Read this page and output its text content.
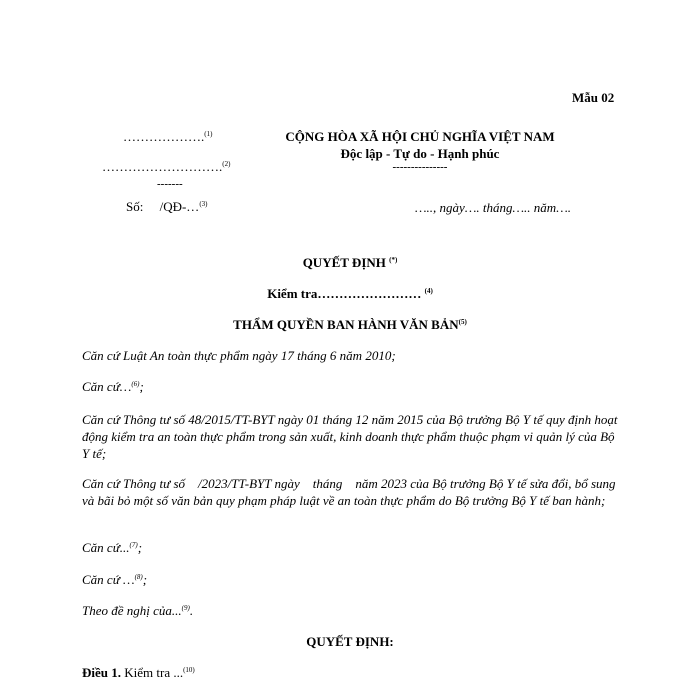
Mẫu 02
……………….$^{(1)}$
……………………….$^{(2)}$
-------
Số: /QĐ-…$^{(3)}$
CỘNG HÒA XÃ HỘI CHỦ NGHĨA VIỆT NAM
Độc lập - Tự do - Hạnh phúc
---------------
….., ngày…. tháng….. năm….
QUYẾT ĐỊNH (*)
Kiểm tra…………………… $^{(4)}$
THẨM QUYỀN BAN HÀNH VĂN BẢN$^{(5)}$
Căn cứ Luật An toàn thực phẩm ngày 17 tháng 6 năm 2010;
Căn cứ…$^{(6)}$;
Căn cứ Thông tư số 48/2015/TT-BYT ngày 01 tháng 12 năm 2015 của Bộ trưởng Bộ Y tế quy định hoạt động kiểm tra an toàn thực phẩm trong sản xuất, kinh doanh thực phẩm thuộc phạm vi quản lý của Bộ Y tế;
Căn cứ Thông tư số    /2023/TT-BYT ngày    tháng    năm 2023 của Bộ trưởng Bộ Y tế sửa đổi, bổ sung và bãi bỏ một số văn bản quy phạm pháp luật về an toàn thực phẩm do Bộ trưởng Bộ Y tế ban hành;
Căn cứ...$^{(7)}$;
Căn cứ …$^{(8)}$;
Theo đề nghị của...$^{(9)}$.
QUYẾT ĐỊNH:
Điều 1. Kiểm tra ...$^{(10)}$
